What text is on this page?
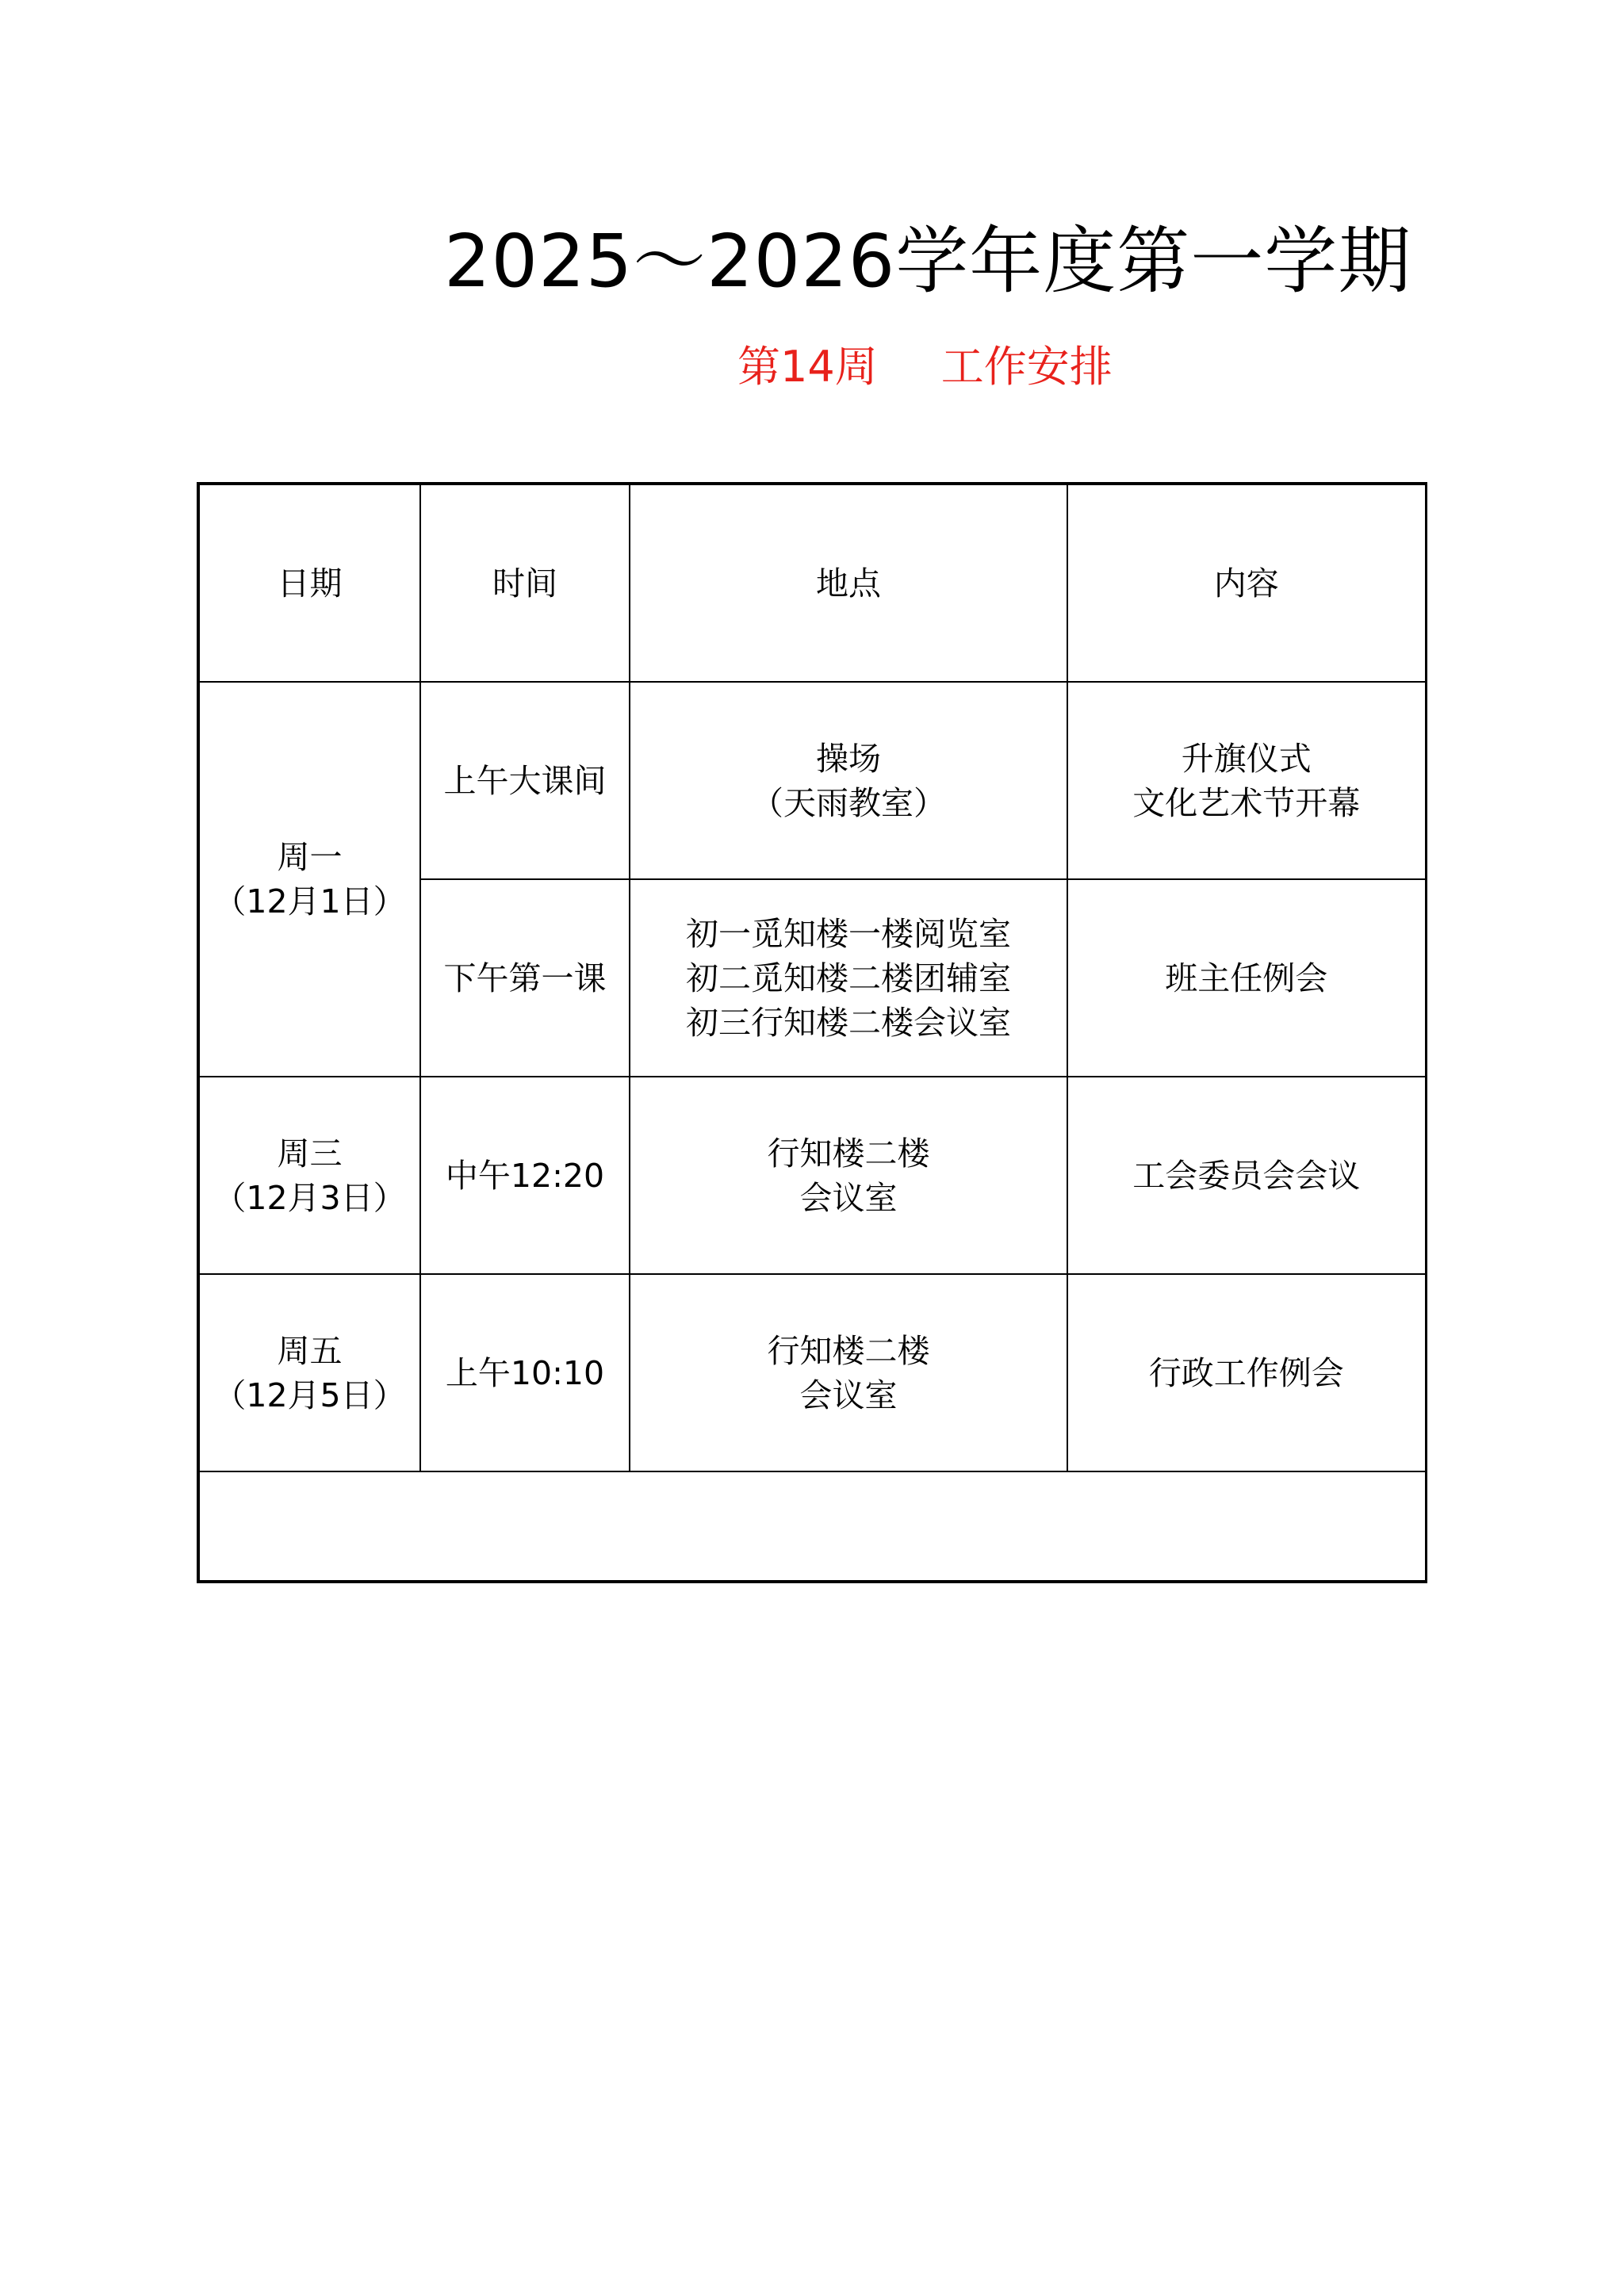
2025～2026学年度第一学期
第14周 工作安排
日期	时间	地点	内容

周一
（12月1日）	上午大课间	操场
（天雨教室）	升旗仪式
文化艺术节开幕

	下午第一课	初一觅知楼一楼阅览室
初二觅知楼二楼团辅室
初三行知楼二楼会议室	班主任例会

周三
（12月3日）	中午12:20	行知楼二楼
会议室	工会委员会会议

周五
（12月5日）	上午10:10	行知楼二楼
会议室	行政工作例会
